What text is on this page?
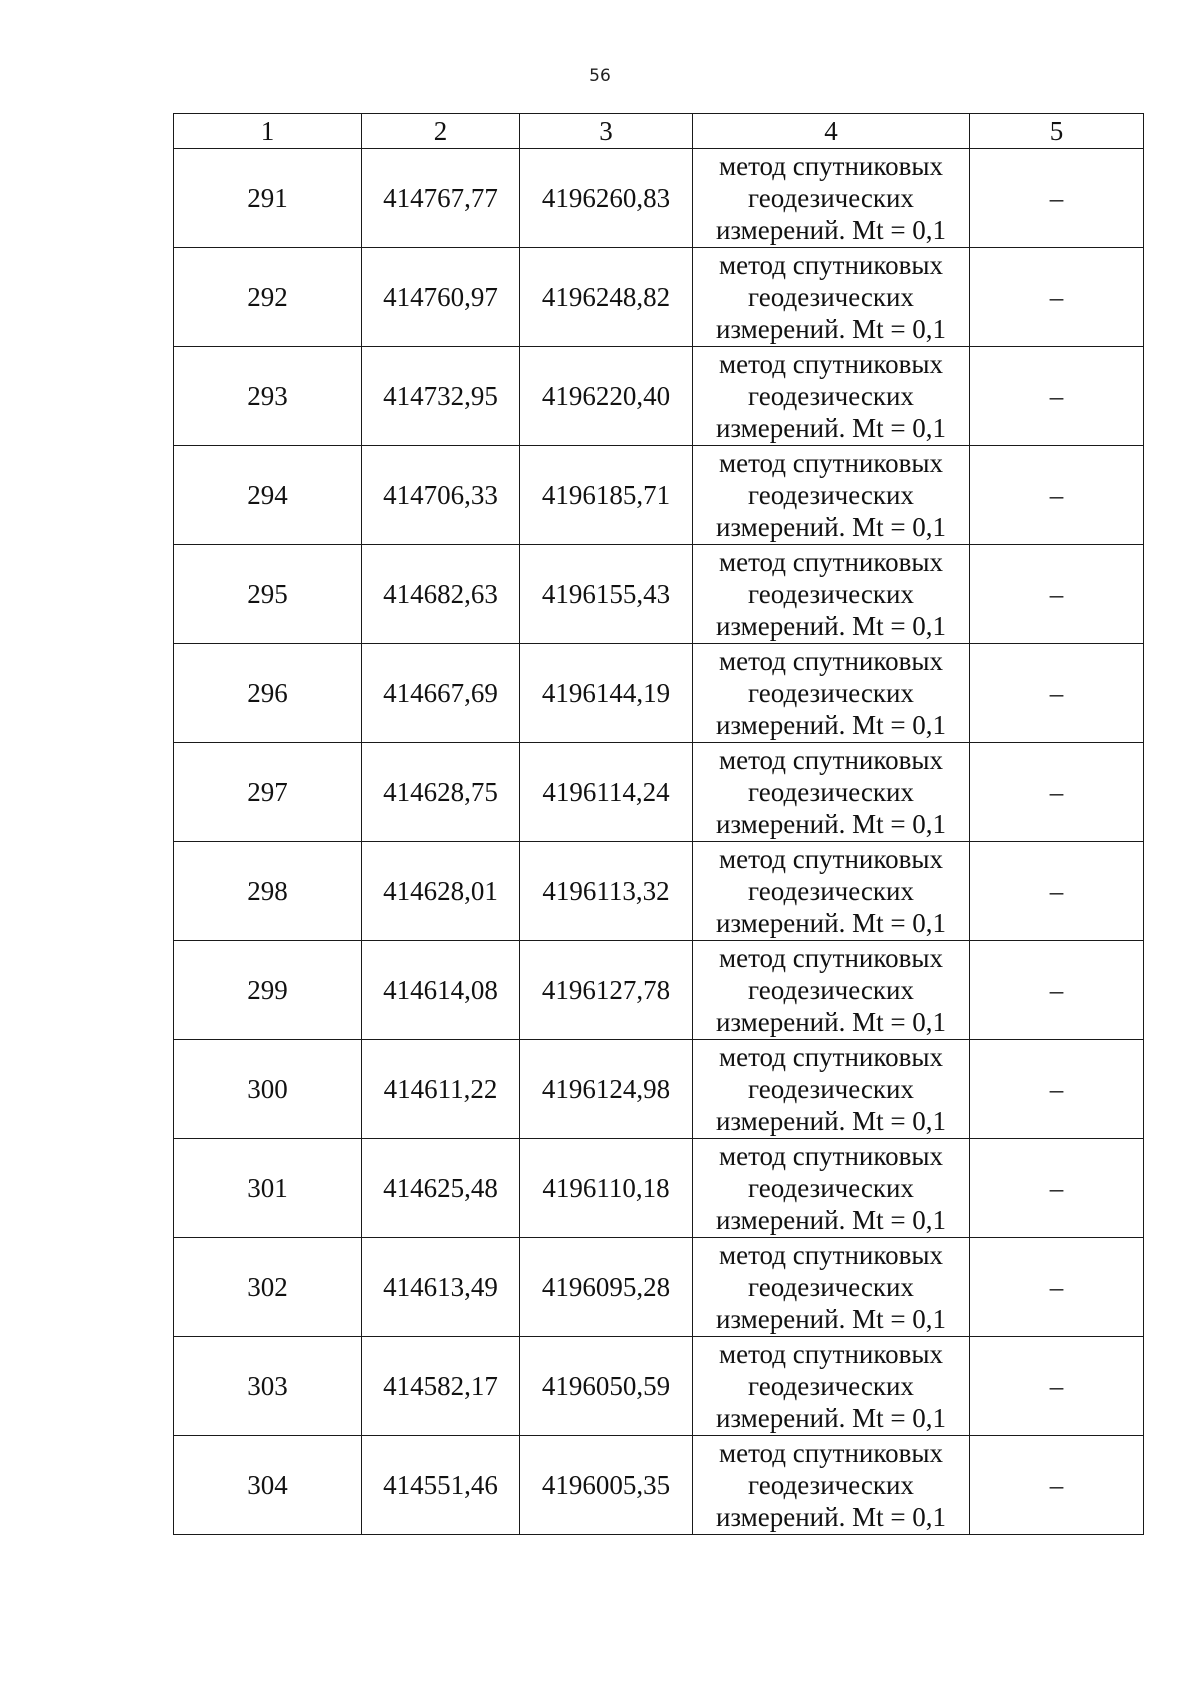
56
1	2	3	4	5
291	414767,77	4196260,83	метод спутниковых
геодезических
измерений. Mt = 0,1	–
292	414760,97	4196248,82	метод спутниковых
геодезических
измерений. Mt = 0,1	–
293	414732,95	4196220,40	метод спутниковых
геодезических
измерений. Mt = 0,1	–
294	414706,33	4196185,71	метод спутниковых
геодезических
измерений. Mt = 0,1	–
295	414682,63	4196155,43	метод спутниковых
геодезических
измерений. Mt = 0,1	–
296	414667,69	4196144,19	метод спутниковых
геодезических
измерений. Mt = 0,1	–
297	414628,75	4196114,24	метод спутниковых
геодезических
измерений. Mt = 0,1	–
298	414628,01	4196113,32	метод спутниковых
геодезических
измерений. Mt = 0,1	–
299	414614,08	4196127,78	метод спутниковых
геодезических
измерений. Mt = 0,1	–
300	414611,22	4196124,98	метод спутниковых
геодезических
измерений. Mt = 0,1	–
301	414625,48	4196110,18	метод спутниковых
геодезических
измерений. Mt = 0,1	–
302	414613,49	4196095,28	метод спутниковых
геодезических
измерений. Mt = 0,1	–
303	414582,17	4196050,59	метод спутниковых
геодезических
измерений. Mt = 0,1	–
304	414551,46	4196005,35	метод спутниковых
геодезических
измерений. Mt = 0,1	–
